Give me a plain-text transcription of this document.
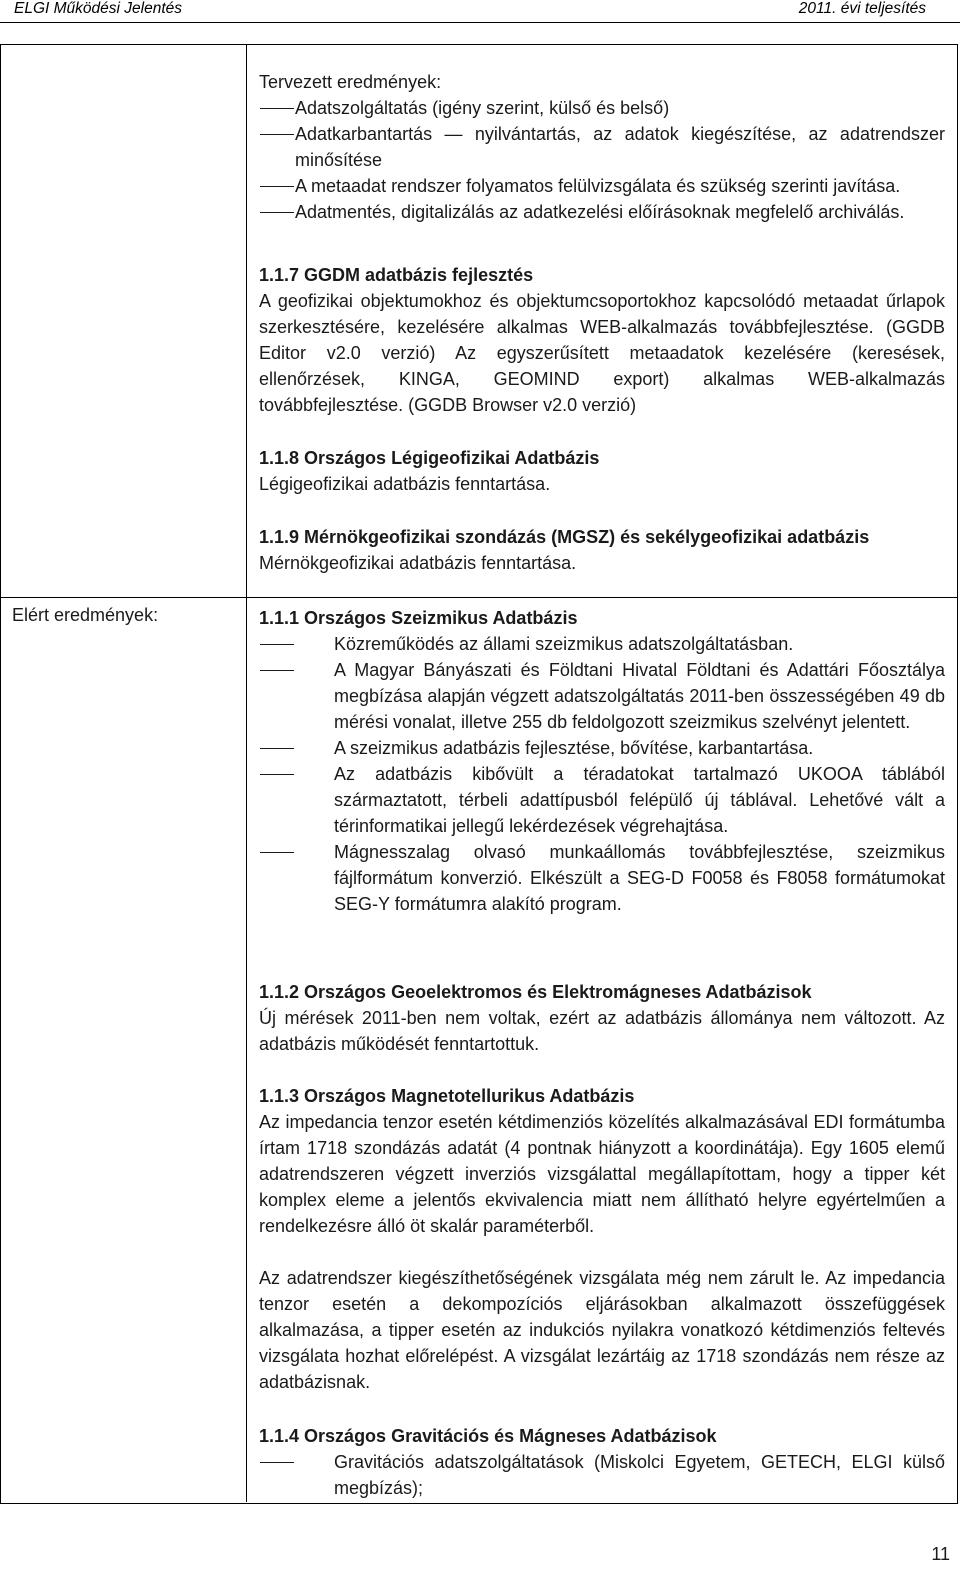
ELGI Működési Jelentés	2011. évi teljesítés
Elért eredmények:

Tervezett eredmények:

Adatszolgáltatás (igény szerint, külső és belső)

Adatkarbantartás — nyilvántartás, az adatok kiegészítése, az adatrendszer minősítése

A metaadat rendszer folyamatos felülvizsgálata és szükség szerinti javítása.

Adatmentés, digitalizálás az adatkezelési előírásoknak megfelelő archiválás.

1.1.7 GGDM adatbázis fejlesztés

A geofizikai objektumokhoz és objektumcsoportokhoz kapcsolódó metaadat űrlapok szerkesztésére, kezelésére alkalmas WEB-alkalmazás továbbfejlesztése. (GGDB Editor v2.0 verzió) Az egyszerűsített metaadatok kezelésére (keresések, ellenőrzések, KINGA, GEOMIND export) alkalmas WEB-alkalmazás továbbfejlesztése. (GGDB Browser v2.0 verzió)

1.1.8 Országos Légigeofizikai Adatbázis

Légigeofizikai adatbázis fenntartása.

1.1.9 Mérnökgeofizikai szondázás (MGSZ) és sekélygeofizikai adatbázis

Mérnökgeofizikai adatbázis fenntartása.

1.1.1 Országos Szeizmikus Adatbázis

Közreműködés az állami szeizmikus adatszolgáltatásban.

A Magyar Bányászati és Földtani Hivatal Földtani és Adattári Főosztálya megbízása alapján végzett adatszolgáltatás 2011-ben összességében 49 db mérési vonalat, illetve 255 db feldolgozott szeizmikus szelvényt jelentett.

A szeizmikus adatbázis fejlesztése, bővítése, karbantartása.

Az adatbázis kibővült a téradatokat tartalmazó UKOOA táblából származtatott, térbeli adattípusból felépülő új táblával. Lehetővé vált a térinformatikai jellegű lekérdezések végrehajtása.

Mágnesszalag olvasó munkaállomás továbbfejlesztése, szeizmikus fájlformátum konverzió. Elkészült a SEG-D F0058 és F8058 formátumokat SEG-Y formátumra alakító program.

1.1.2 Országos Geoelektromos és Elektromágneses Adatbázisok

Új mérések 2011-ben nem voltak, ezért az adatbázis állománya nem változott. Az adatbázis működését fenntartottuk.

1.1.3 Országos Magnetotellurikus Adatbázis

Az impedancia tenzor esetén kétdimenziós közelítés alkalmazásával EDI formátumba írtam 1718 szondázás adatát (4 pontnak hiányzott a koordinátája). Egy 1605 elemű adatrendszeren végzett inverziós vizsgálattal megállapítottam, hogy a tipper két komplex eleme a jelentős ekvivalencia miatt nem állítható helyre egyértelműen a rendelkezésre álló öt skalár paraméterből.

Az adatrendszer kiegészíthetőségének vizsgálata még nem zárult le. Az impedancia tenzor esetén a dekompozíciós eljárásokban alkalmazott összefüggések alkalmazása, a tipper esetén az indukciós nyilakra vonatkozó kétdimenziós feltevés vizsgálata hozhat előrelépést. A vizsgálat lezártáig az 1718 szondázás nem része az adatbázisnak.

1.1.4 Országos Gravitációs és Mágneses Adatbázisok

Gravitációs adatszolgáltatások (Miskolci Egyetem, GETECH, ELGI külső megbízás);

11
